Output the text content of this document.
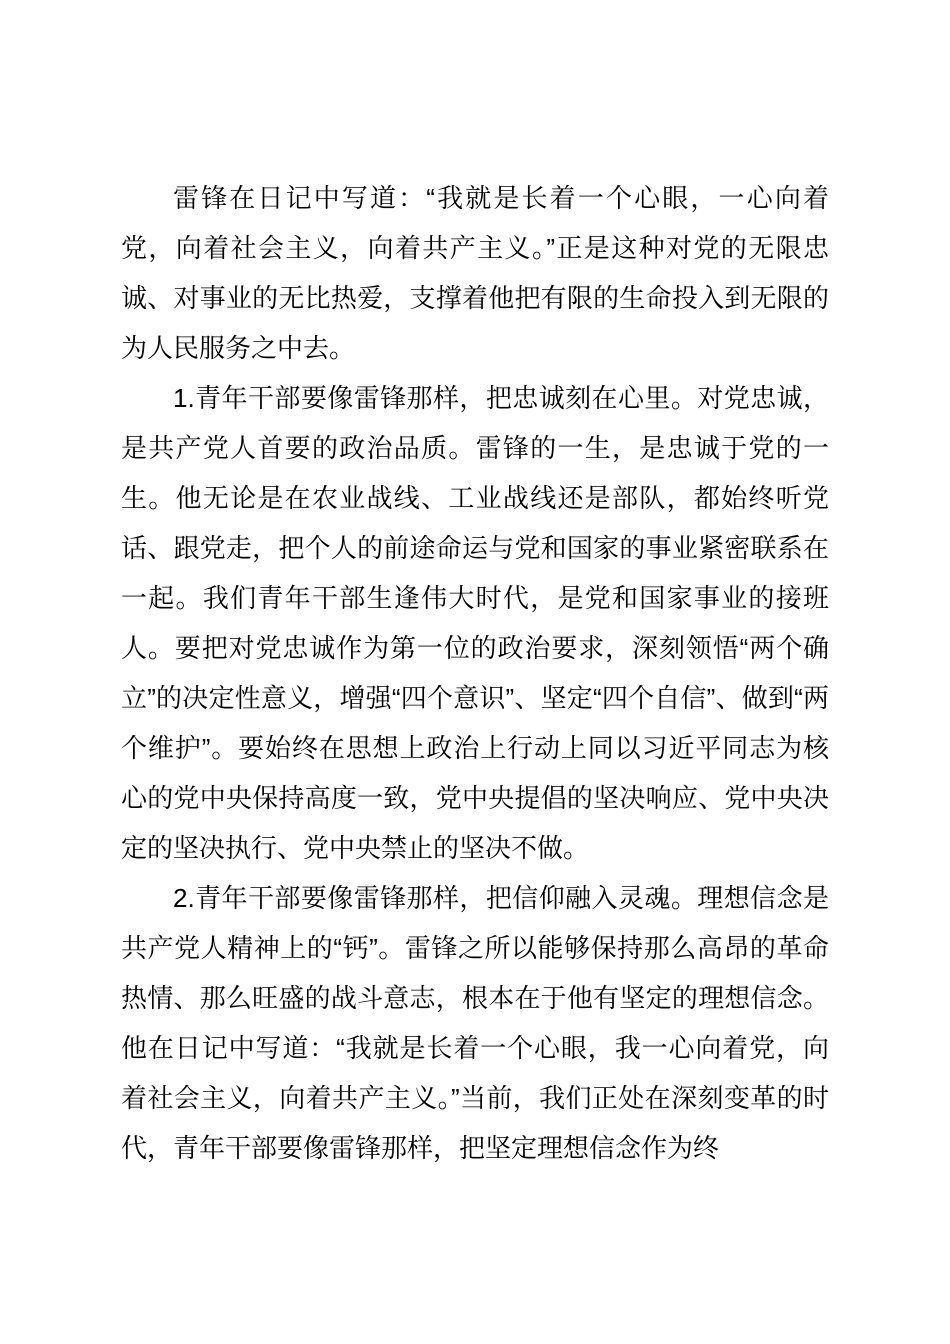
雷锋在日记中写道：“我就是长着一个心眼，一心向着党，向着社会主义，向着共产主义。”正是这种对党的无限忠诚、对事业的无比热爱，支撑着他把有限的生命投入到无限的为人民服务之中去。

1.青年干部要像雷锋那样，把忠诚刻在心里。对党忠诚，是共产党人首要的政治品质。雷锋的一生，是忠诚于党的一生。他无论是在农业战线、工业战线还是部队，都始终听党话、跟党走，把个人的前途命运与党和国家的事业紧密联系在一起。我们青年干部生逢伟大时代，是党和国家事业的接班人。要把对党忠诚作为第一位的政治要求，深刻领悟“两个确立”的决定性意义，增强“四个意识”、坚定“四个自信”、做到“两个维护”。要始终在思想上政治上行动上同以习近平同志为核心的党中央保持高度一致，党中央提倡的坚决响应、党中央决定的坚决执行、党中央禁止的坚决不做。

2.青年干部要像雷锋那样，把信仰融入灵魂。理想信念是共产党人精神上的“钙”。雷锋之所以能够保持那么高昂的革命热情、那么旺盛的战斗意志，根本在于他有坚定的理想信念。他在日记中写道：“我就是长着一个心眼，我一心向着党，向着社会主义，向着共产主义。”当前，我们正处在深刻变革的时代，青年干部要像雷锋那样，把坚定理想信念作为终
